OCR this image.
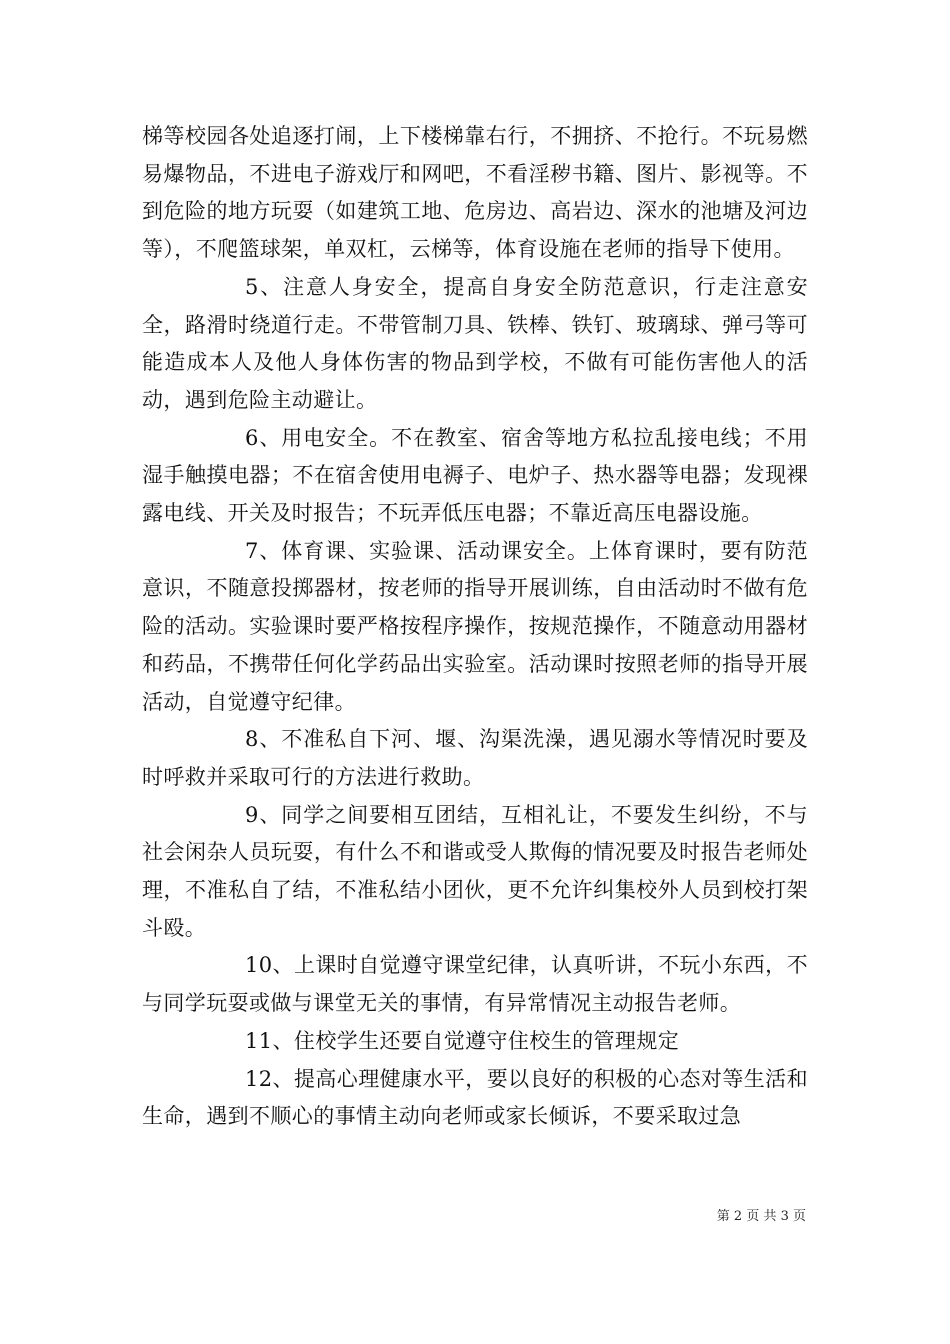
梯等校园各处追逐打闹，上下楼梯靠右行，不拥挤、不抢行。不玩易燃易爆物品，不进电子游戏厅和网吧，不看淫秽书籍、图片、影视等。不到危险的地方玩耍（如建筑工地、危房边、高岩边、深水的池塘及河边等），不爬篮球架，单双杠，云梯等，体育设施在老师的指导下使用。

5、注意人身安全，提高自身安全防范意识，行走注意安全，路滑时绕道行走。不带管制刀具、铁棒、铁钉、玻璃球、弹弓等可能造成本人及他人身体伤害的物品到学校，不做有可能伤害他人的活动，遇到危险主动避让。

6、用电安全。不在教室、宿舍等地方私拉乱接电线；不用湿手触摸电器；不在宿舍使用电褥子、电炉子、热水器等电器；发现裸露电线、开关及时报告；不玩弄低压电器；不靠近高压电器设施。

7、体育课、实验课、活动课安全。上体育课时，要有防范意识，不随意投掷器材，按老师的指导开展训练，自由活动时不做有危险的活动。实验课时要严格按程序操作，按规范操作，不随意动用器材和药品，不携带任何化学药品出实验室。活动课时按照老师的指导开展活动，自觉遵守纪律。

8、不准私自下河、堰、沟渠洗澡，遇见溺水等情况时要及时呼救并采取可行的方法进行救助。

9、同学之间要相互团结，互相礼让，不要发生纠纷，不与社会闲杂人员玩耍，有什么不和谐或受人欺侮的情况要及时报告老师处理，不准私自了结，不准私结小团伙，更不允许纠集校外人员到校打架斗殴。

10、上课时自觉遵守课堂纪律，认真听讲，不玩小东西，不与同学玩耍或做与课堂无关的事情，有异常情况主动报告老师。

11、住校学生还要自觉遵守住校生的管理规定

12、提高心理健康水平，要以良好的积极的心态对等生活和生命，遇到不顺心的事情主动向老师或家长倾诉，不要采取过急

第 2 页 共 3 页
